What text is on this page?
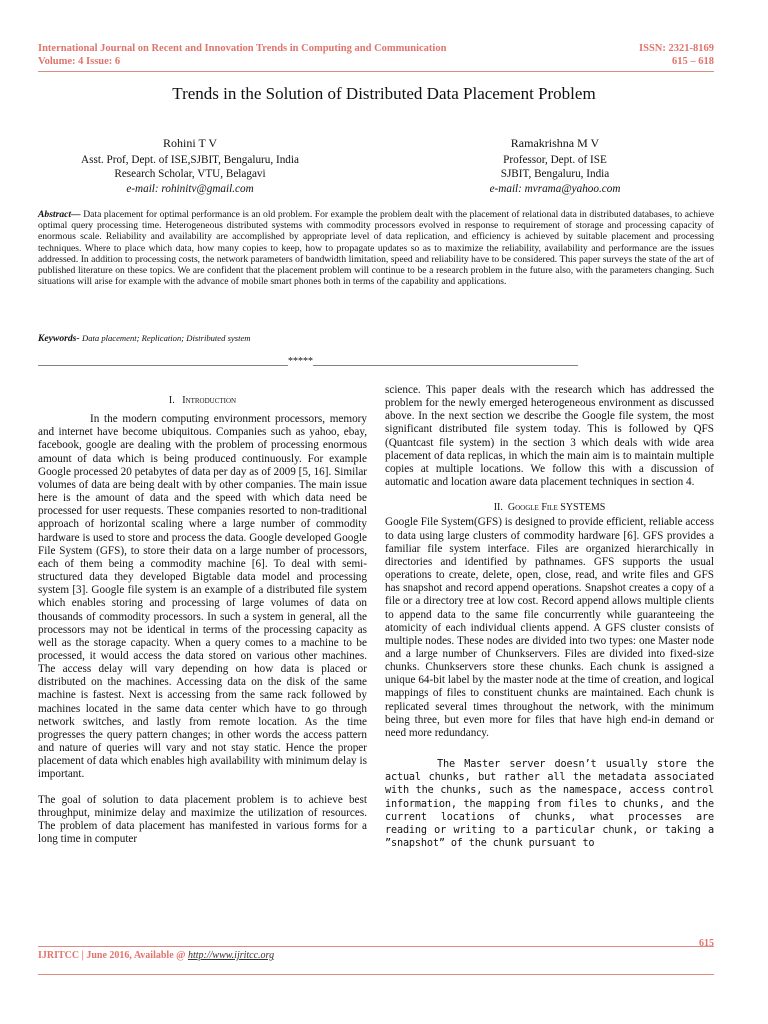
International Journal on Recent and Innovation Trends in Computing and Communication
Volume: 4 Issue: 6
ISSN: 2321-8169
615 – 618
Trends in the Solution of Distributed Data Placement Problem
Rohini T V
Asst. Prof, Dept. of ISE,SJBIT, Bengaluru, India
Research Scholar, VTU, Belagavi
e-mail: rohinitv@gmail.com
Ramakrishna M V
Professor, Dept. of ISE
SJBIT, Bengaluru, India
e-mail: mvrama@yahoo.com
Abstract— Data placement for optimal performance is an old problem. For example the problem dealt with the placement of relational data in distributed databases, to achieve optimal query processing time. Heterogeneous distributed systems with commodity processors evolved in response to requirement of storage and processing capacity of enormous scale. Reliability and availability are accomplished by appropriate level of data replication, and efficiency is achieved by suitable placement and processing techniques. Where to place which data, how many copies to keep, how to propagate updates so as to maximize the reliability, availability and performance are the issues addressed. In addition to processing costs, the network parameters of bandwidth limitation, speed and reliability have to be considered. This paper surveys the state of the art of published literature on these topics. We are confident that the placement problem will continue to be a research problem in the future also, with the parameters changing. Such situations will arise for example with the advance of mobile smart phones both in terms of the capability and applications.
Keywords- Data placement; Replication; Distributed system
__________________________________________________*****_____________________________________________________
I. Introduction

In the modern computing environment processors, memory and internet have become ubiquitous. Companies such as yahoo, ebay, facebook, google are dealing with the problem of processing enormous amount of data which is being produced continuously. For example Google processed 20 petabytes of data per day as of 2009 [5, 16]. Similar volumes of data are being dealt with by other companies. The main issue here is the amount of data and the speed with which data need be processed for user requests. These companies resorted to non-traditional approach of horizontal scaling where a large number of commodity hardware is used to store and process the data. Google developed Google File System (GFS), to store their data on a large number of processors, each of them being a commodity machine [6]. To deal with semi-structured data they developed Bigtable data model and processing system [3]. Google file system is an example of a distributed file system which enables storing and processing of large volumes of data on thousands of commodity processors. In such a system in general, all the processors may not be identical in terms of the processing capacity as well as the storage capacity. When a query comes to a machine to be processed, it would access the data stored on various other machines. The access delay will vary depending on how data is placed or distributed on the machines. Accessing data on the disk of the same machine is fastest. Next is accessing from the same rack followed by machines located in the same data center which have to go through network switches, and lastly from remote location. As the time progresses the query pattern changes; in other words the access pattern and nature of queries will vary and not stay static. Hence the proper placement of data which enables high availability with minimum delay is important.

The goal of solution to data placement problem is to achieve best throughput, minimize delay and maximize the utilization of resources. The problem of data placement has manifested in various forms for a long time in computer

science. This paper deals with the research which has addressed the problem for the newly emerged heterogeneous environment as discussed above. In the next section we describe the Google file system, the most significant distributed file system today. This is followed by QFS (Quantcast file system) in the section 3 which deals with wide area placement of data replicas, in which the main aim is to maintain multiple copies at multiple locations. We follow this with a discussion of automatic and location aware data placement techniques in section 4.

II. Google File SYSTEMS

Google File System(GFS) is designed to provide efficient, reliable access to data using large clusters of commodity hardware [6]. GFS provides a familiar file system interface. Files are organized hierarchically in directories and identified by pathnames. GFS supports the usual operations to create, delete, open, close, read, and write files and GFS has snapshot and record append operations. Snapshot creates a copy of a file or a directory tree at low cost. Record append allows multiple clients to append data to the same file concurrently while guaranteeing the atomicity of each individual clients append. A GFS cluster consists of multiple nodes. These nodes are divided into two types: one Master node and a large number of Chunkservers. Files are divided into fixed-size chunks. Chunkservers store these chunks. Each chunk is assigned a unique 64-bit label by the master node at the time of creation, and logical mappings of files to constituent chunks are maintained. Each chunk is replicated several times throughout the network, with the minimum being three, but even more for files that have high end-in demand or need more redundancy.

The Master server doesn’t usually store the actual chunks, but rather all the metadata associated with the chunks, such as the namespace, access control information, the mapping from files to chunks, and the current locations of chunks, what processes are reading or writing to a particular chunk, or taking a ”snapshot” of the chunk pursuant to

615
IJRITCC | June 2016, Available @ http://www.ijritcc.org
